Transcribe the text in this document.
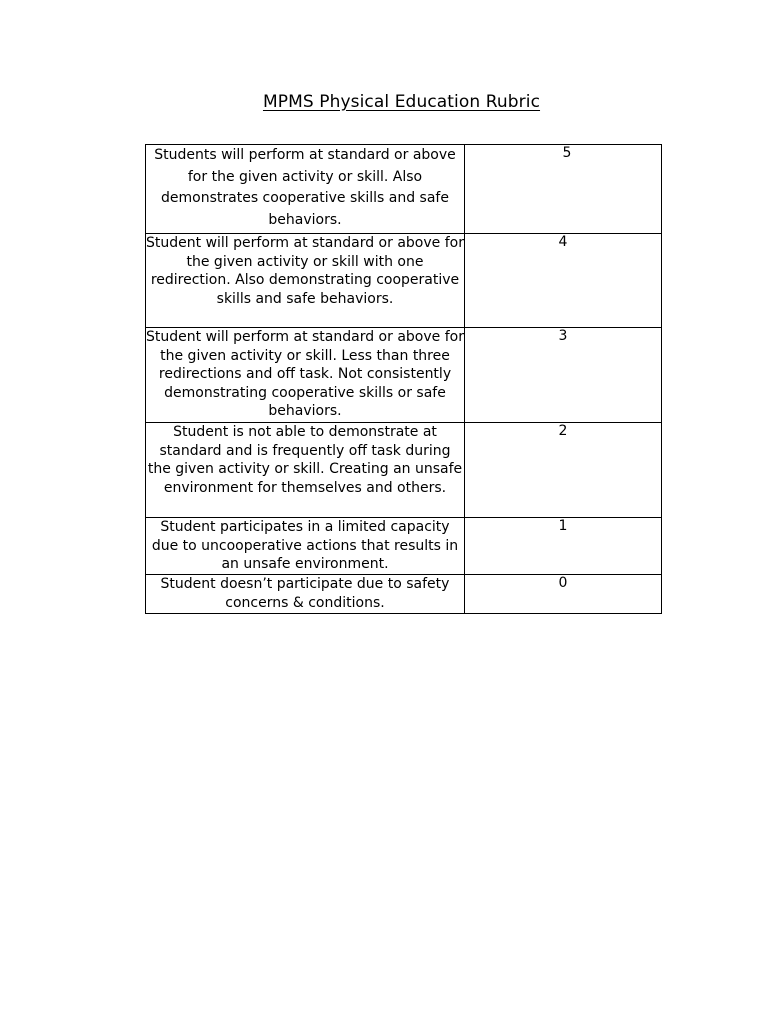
MPMS Physical Education Rubric
Students will perform at standard or above for the given activity or skill. Also demonstrates cooperative skills and safe behaviors.	5
Student will perform at standard or above for the given activity or skill with one redirection. Also demonstrating cooperative skills and safe behaviors.	4
Student will perform at standard or above for the given activity or skill. Less than three redirections and off task. Not consistently demonstrating cooperative skills or safe behaviors.	3
Student is not able to demonstrate at standard and is frequently off task during the given activity or skill. Creating an unsafe environment for themselves and others.	2
Student participates in a limited capacity due to uncooperative actions that results in an unsafe environment.	1
Student doesn’t participate due to safety concerns & conditions.	0
